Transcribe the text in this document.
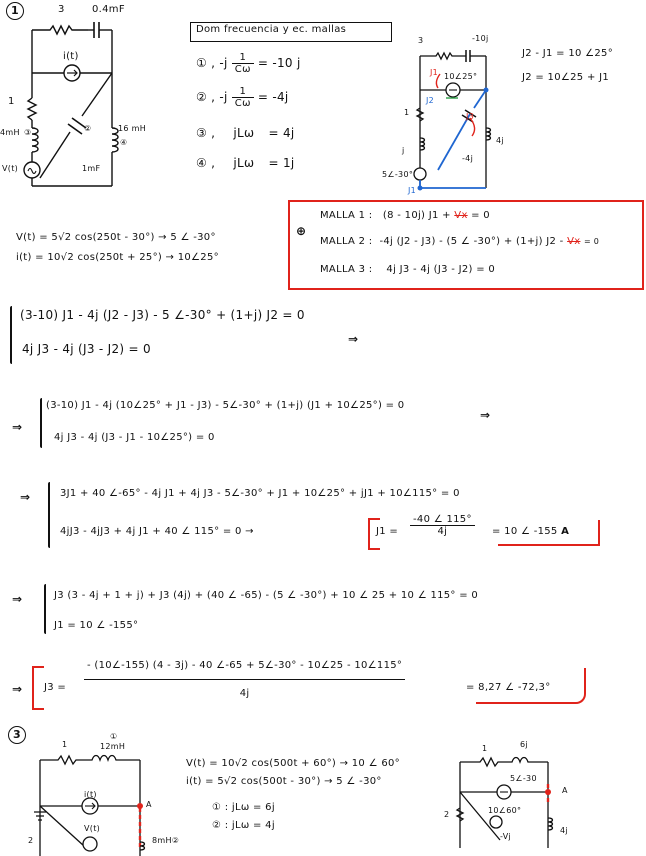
1	3	0.4mF
i(t)
1
4mH ③
V(t)
②	16 mH
④
1mF
Dom frecuencia y ec. mallas
① , $-j \frac{1}{C\omega} = -10$ j
② , $-j \frac{1}{C\omega} = -4j$
③ , jLω = 4j
④ , jLω = 1j
3	-10j
J1 10∠25°
J2
1	J3
-4j
j
4j
5∠-30°
J1
J2 - J1 = 10 ∠25°
J2 = 10∠25 + J1
V(t) = 5√2 cos(250t - 30°) → 5 ∠ -30°
i(t) = 10√2 cos(250t + 25°) → 10∠25°
⊕
MALLA 1 : (8 - 10j) J1 + Vx = 0
MALLA 2 : -4j (J2 - J3) - (5 ∠ -30°) + (1+j) J2 - Vx = 0
MALLA 3 : 4j J3 - 4j (J3 - J2) = 0
(3-10) J1 - 4j (J2 - J3) - 5 ∠-30° + (1+j) J2 = 0
4j J3 - 4j (J3 - J2) = 0
⇒
⇒
(3-10) J1 - 4j (10∠25° + J1 - J3) - 5∠-30° + (1+j) (J1 + 10∠25°) = 0
4j J3 - 4j (J3 - J1 - 10∠25°) = 0
⇒
⇒	3J1 + 40 ∠-65° - 4j J1 + 4j J3 - 5∠-30° + J1 + 10∠25° + jJ1 + 10∠115° = 0
4jJ3 - 4jJ3 + 4j J1 + 40 ∠ 115° = 0 →	$J1 = \frac{-40 \angle 115^\circ}{4j} = 10$ ∠ -155 A
⇒	J3 (3 - 4j + 1 + j) + J3 (4j) + (40 ∠ -65) - (5 ∠ -30°) + 10 ∠ 25 + 10 ∠ 115° = 0
J1 = 10 ∠ -155°
⇒ $J3 = \frac{- (10\angle-155) (4 - 3j) - 40 \angle-65 + 5\angle-30^\circ - 10\angle 25 - 10\angle 115^\circ}{4j}$	= 8,27 ∠ -72,3°
3
1
①
12mH
i(t)
A
V(t)
2	8mH②
V(t) = 10√2 cos(500t + 60°) → 10 ∠ 60°
i(t) = 5√2 cos(500t - 30°) → 5 ∠ -30°
① : jLω = 6j
② : jLω = 4j
1	6j
5∠-30
A
2	10∠60°
-Vj
4j
